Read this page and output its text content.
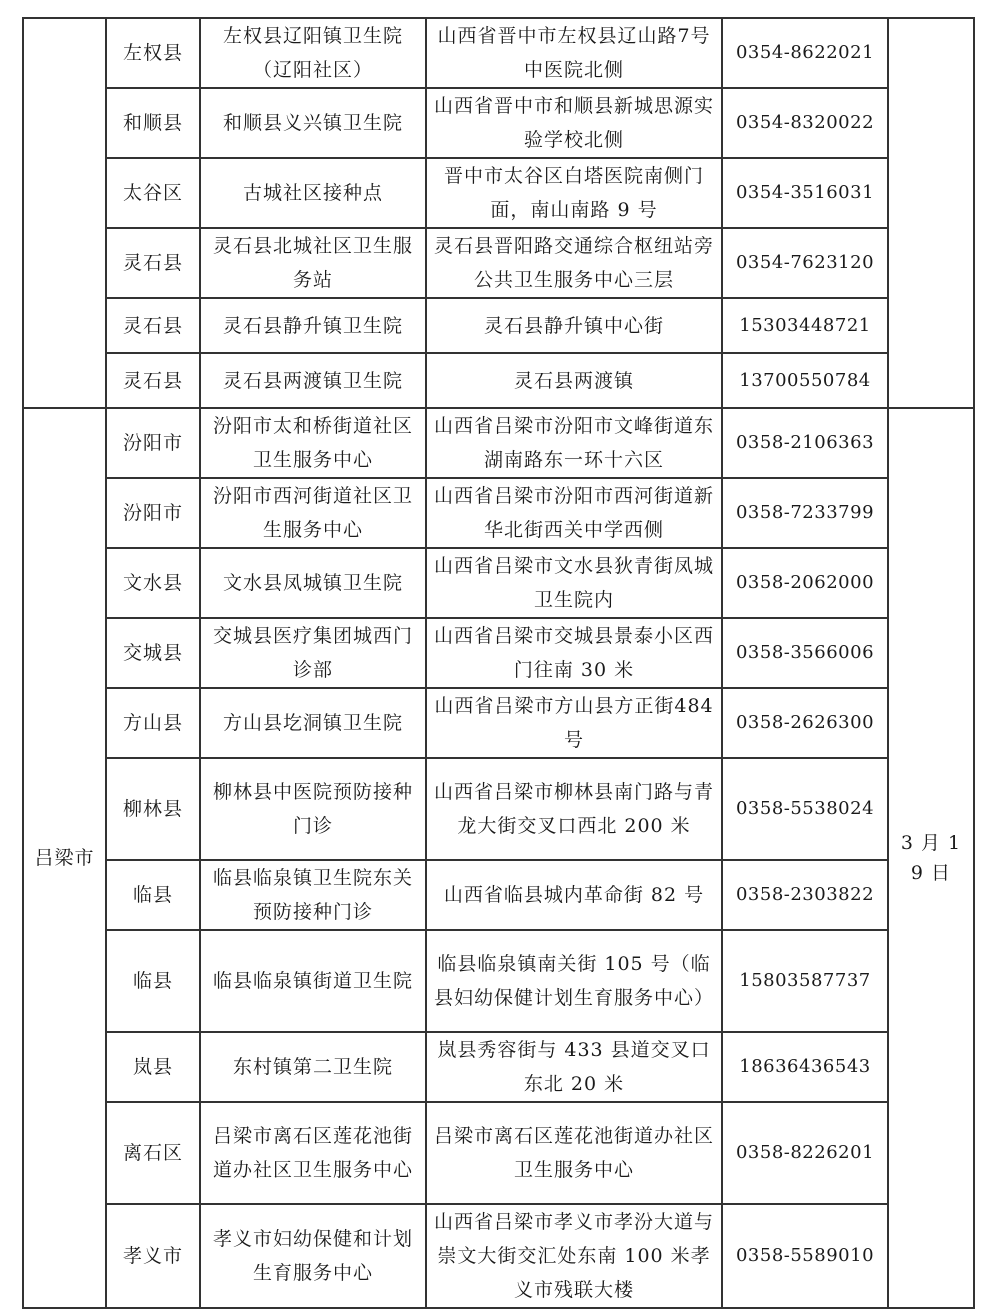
	左权县	左权县辽阳镇卫生院（辽阳社区）	山西省晋中市左权县辽山路7号中医院北侧	0354-8622021	
	和顺县	和顺县义兴镇卫生院	山西省晋中市和顺县新城思源实验学校北侧	0354-8320022	
	太谷区	古城社区接种点	晋中市太谷区白塔医院南侧门面，南山南路 9 号	0354-3516031	
	灵石县	灵石县北城社区卫生服务站	灵石县晋阳路交通综合枢纽站旁公共卫生服务中心三层	0354-7623120	
	灵石县	灵石县静升镇卫生院	灵石县静升镇中心街	15303448721	
	灵石县	灵石县两渡镇卫生院	灵石县两渡镇	13700550784	
吕梁市	汾阳市	汾阳市太和桥街道社区卫生服务中心	山西省吕梁市汾阳市文峰街道东湖南路东一环十六区	0358-2106363	3 月 19 日
	汾阳市	汾阳市西河街道社区卫生服务中心	山西省吕梁市汾阳市西河街道新华北街西关中学西侧	0358-7233799	
	文水县	文水县凤城镇卫生院	山西省吕梁市文水县狄青街凤城卫生院内	0358-2062000	
	交城县	交城县医疗集团城西门诊部	山西省吕梁市交城县景泰小区西门往南 30 米	0358-3566006	
	方山县	方山县圪洞镇卫生院	山西省吕梁市方山县方正街484 号	0358-2626300	
	柳林县	柳林县中医院预防接种门诊	山西省吕梁市柳林县南门路与青龙大街交叉口西北 200 米	0358-5538024	
	临县	临县临泉镇卫生院东关预防接种门诊	山西省临县城内革命街 82 号	0358-2303822	
	临县	临县临泉镇街道卫生院	临县临泉镇南关街 105 号（临县妇幼保健计划生育服务中心）	15803587737	
	岚县	东村镇第二卫生院	岚县秀容街与 433 县道交叉口东北 20 米	18636436543	
	离石区	吕梁市离石区莲花池街道办社区卫生服务中心	吕梁市离石区莲花池街道办社区卫生服务中心	0358-8226201	
	孝义市	孝义市妇幼保健和计划生育服务中心	山西省吕梁市孝义市孝汾大道与崇文大街交汇处东南 100 米孝义市残联大楼	0358-5589010	
